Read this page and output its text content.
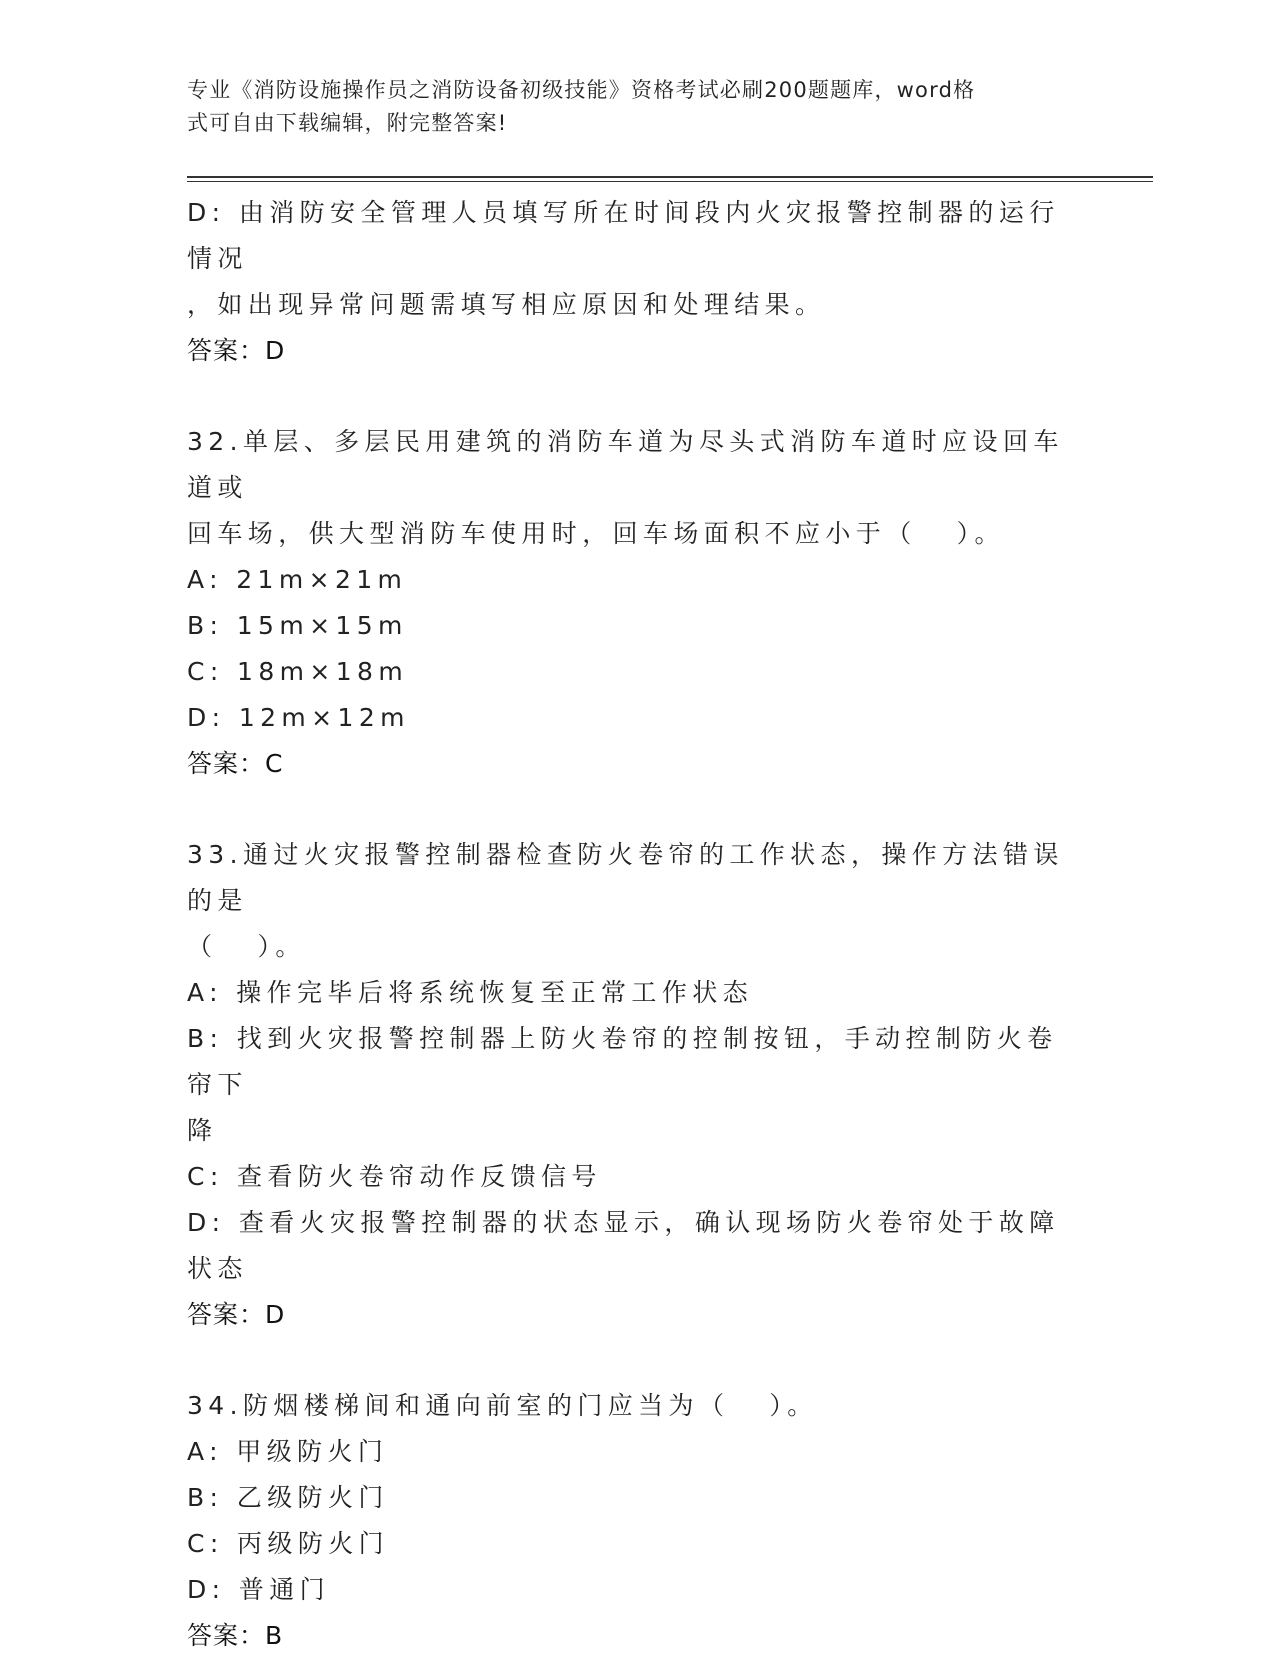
专业《消防设施操作员之消防设备初级技能》资格考试必刷200题题库，word格
式可自由下载编辑，附完整答案!
D: 由消防安全管理人员填写所在时间段内火灾报警控制器的运行情况
，如出现异常问题需填写相应原因和处理结果。
答案：D
32.单层、多层民用建筑的消防车道为尽头式消防车道时应设回车道或
回车场，供大型消防车使用时，回车场面积不应小于（   ）。
A: 21m×21m
B: 15m×15m
C: 18m×18m
D: 12m×12m
答案：C
33.通过火灾报警控制器检查防火卷帘的工作状态，操作方法错误的是
（   ）。
A: 操作完毕后将系统恢复至正常工作状态
B: 找到火灾报警控制器上防火卷帘的控制按钮，手动控制防火卷帘下
降
C: 查看防火卷帘动作反馈信号
D: 查看火灾报警控制器的状态显示，确认现场防火卷帘处于故障状态
答案：D
34.防烟楼梯间和通向前室的门应当为（   ）。
A: 甲级防火门
B: 乙级防火门
C: 丙级防火门
D: 普通门
答案：B
